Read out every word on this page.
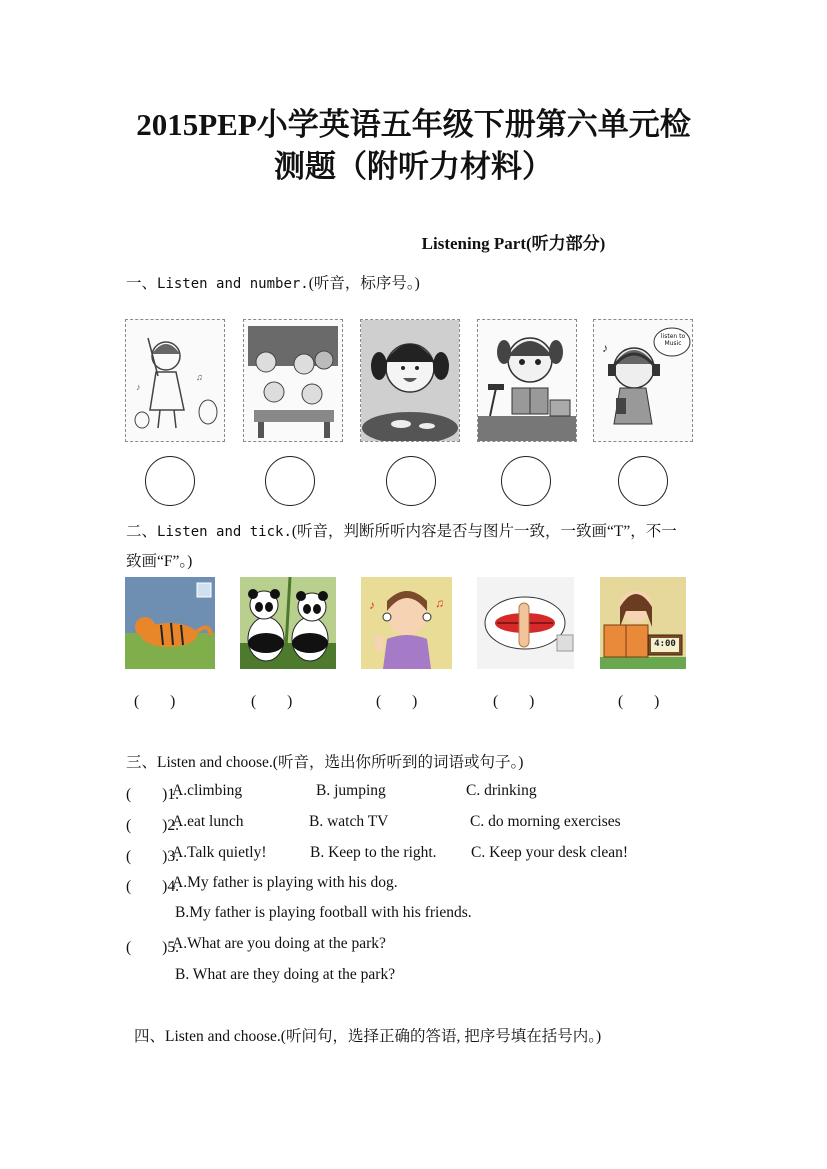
2015PEP小学英语五年级下册第六单元检
测题（附听力材料）
Listening Part(听力部分)
一、Listen and number.(听音，标序号。)
♪
♫
♪
listen to Music
二、Listen and tick.(听音，判断所听内容是否与图片一致，一致画“T”，不一
致画“F”。)
♪	♫
4:00
(　　)	(　　)	(　　)	(　　)	(　　)
三、Listen and choose.(听音，选出你所听到的词语或句子。)
(　　)1.
A.climbing	B. jumping	C. drinking
(　　)2.
A.eat lunch	B. watch TV	C. do morning exercises
(　　)3.
A.Talk quietly!	B. Keep to the right. C. Keep your desk clean!
(　　)4.
A.My father is playing with his dog.
B.My father is playing football with his friends.
(　　)5.
A.What are you doing at the park?
B. What are they doing at the park?
四、Listen and choose.(听问句，选择正确的答语, 把序号填在括号内。)
